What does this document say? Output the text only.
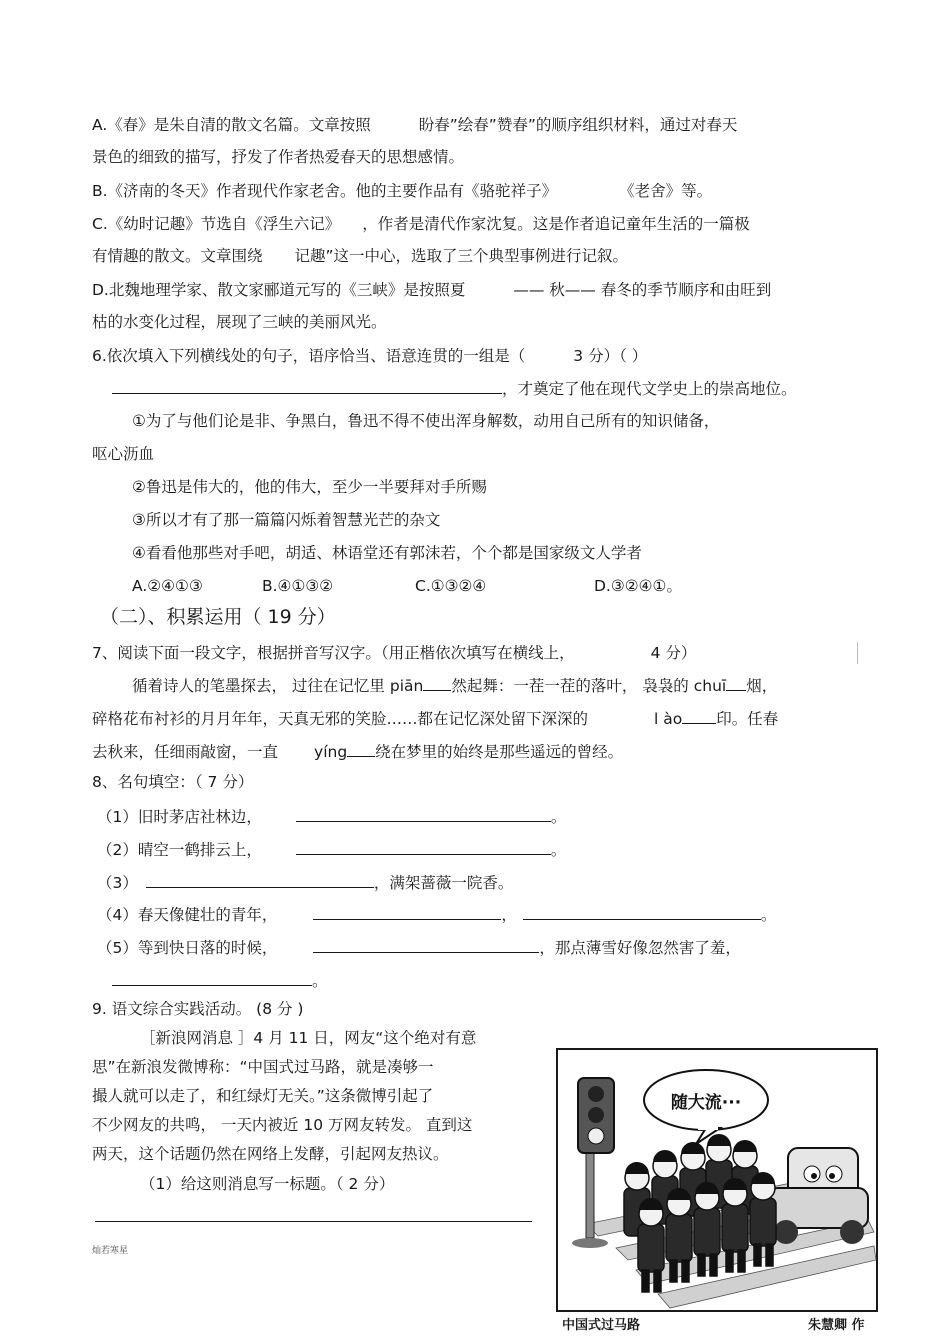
A.《春》是朱自清的散文名篇。文章按照	盼春”绘春”赞春”的顺序组织材料，通过对春天
景色的细致的描写，抒发了作者热爱春天的思想感情。
B.《济南的冬天》作者现代作家老舍。他的主要作品有《骆驼祥子》	《老舍》等。
C.《幼时记趣》节选自《浮生六记》 ，作者是清代作家沈复。这是作者追记童年生活的一篇极
有情趣的散文。文章围绕 记趣”这一中心，选取了三个典型事例进行记叙。
D.北魏地理学家、散文家郦道元写的《三峡》是按照夏	—— 秋—— 春冬的季节顺序和由旺到
枯的水变化过程，展现了三峡的美丽风光。
6.依次填入下列横线处的句子，语序恰当、语意连贯的一组是（	3 分）（ ）
，才奠定了他在现代文学史上的崇高地位。
①为了与他们论是非、争黑白，鲁迅不得不使出浑身解数，动用自己所有的知识储备，
呕心沥血
②鲁迅是伟大的，他的伟大，至少一半要拜对手所赐
③所以才有了那一篇篇闪烁着智慧光芒的杂文
④看看他那些对手吧，胡适、林语堂还有郭沫若，个个都是国家级文人学者
A.②④①③	B.④①③②	C.①③②④	D.③②④①。
（二）、积累运用（ 19 分）
7、阅读下面一段文字，根据拼音写汉字。（用正楷依次填写在横线上，	4 分）
循着诗人的笔墨探去， 过往在记忆里 piān 然起舞：一茬一茬的落叶， 袅袅的 chuī 烟，
碎格花布衬衫的月月年年，天真无邪的笑脸……都在记忆深处留下深深的	l ào 印。任春
去秋来，任细雨敲窗，一直 yíng 绕在梦里的始终是那些遥远的曾经。
8、名句填空：（ 7 分）
（1）旧时茅店社林边，	。
（2）晴空一鹤排云上，	。
（3）	，满架蔷薇一院香。
（4）春天像健壮的青年，	，	。
（5）等到快日落的时候，	，那点薄雪好像忽然害了羞，
。
9. 语文综合实践活动。 (8 分 )
［新浪网消息 ］4 月 11 日，网友“这个绝对有意
思”在新浪发微博称：“中国式过马路，就是凑够一
撮人就可以走了，和红绿灯无关。”这条微博引起了
不少网友的共鸣， 一天内被近 10 万网友转发。 直到这
两天，这个话题仍然在网络上发酵，引起网友热议。
（1）给这则消息写一标题。（ 2 分）
灿若寒星
随大流···
中国式过马路	朱慧卿 作
